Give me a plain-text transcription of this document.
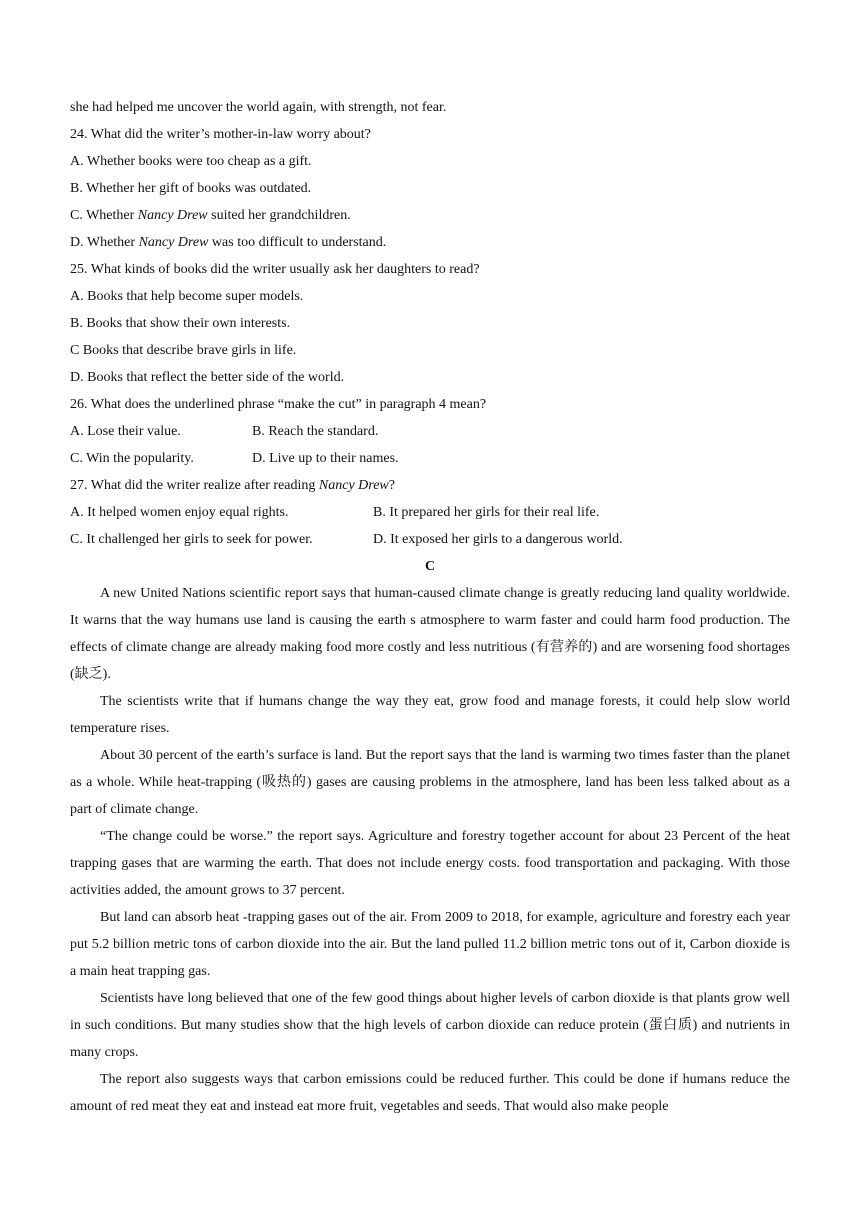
she had helped me uncover the world again, with strength, not fear.
24. What did the writer’s mother-in-law worry about?
A. Whether books were too cheap as a gift.
B. Whether her gift of books was outdated.
C. Whether Nancy Drew suited her grandchildren.
D. Whether Nancy Drew was too difficult to understand.
25. What kinds of books did the writer usually ask her daughters to read?
A. Books that help become super models.
B. Books that show their own interests.
C Books that describe brave girls in life.
D. Books that reflect the better side of the world.
26. What does the underlined phrase “make the cut” in paragraph 4 mean?
A. Lose their value.	B. Reach the standard.
C. Win the popularity.	D. Live up to their names.
27. What did the writer realize after reading Nancy Drew?
A. It helped women enjoy equal rights.	B. It prepared her girls for their real life.
C. It challenged her girls to seek for power.	D. It exposed her girls to a dangerous world.
C

A new United Nations scientific report says that human-caused climate change is greatly reducing land quality worldwide. It warns that the way humans use land is causing the earth s atmosphere to warm faster and could harm food production. The effects of climate change are already making food more costly and less nutritious (有营养的) and are worsening food shortages (缺乏).

The scientists write that if humans change the way they eat, grow food and manage forests, it could help slow world temperature rises.

About 30 percent of the earth’s surface is land. But the report says that the land is warming two times faster than the planet as a whole. While heat-trapping (吸热的) gases are causing problems in the atmosphere, land has been less talked about as a part of climate change.

“The change could be worse.” the report says. Agriculture and forestry together account for about 23 Percent of the heat trapping gases that are warming the earth. That does not include energy costs. food transportation and packaging. With those activities added, the amount grows to 37 percent.

But land can absorb heat -trapping gases out of the air. From 2009 to 2018, for example, agriculture and forestry each year put 5.2 billion metric tons of carbon dioxide into the air. But the land pulled 11.2 billion metric tons out of it, Carbon dioxide is a main heat trapping gas.

Scientists have long believed that one of the few good things about higher levels of carbon dioxide is that plants grow well in such conditions. But many studies show that the high levels of carbon dioxide can reduce protein (蛋白质) and nutrients in many crops.

The report also suggests ways that carbon emissions could be reduced further. This could be done if humans reduce the amount of red meat they eat and instead eat more fruit, vegetables and seeds. That would also make people
